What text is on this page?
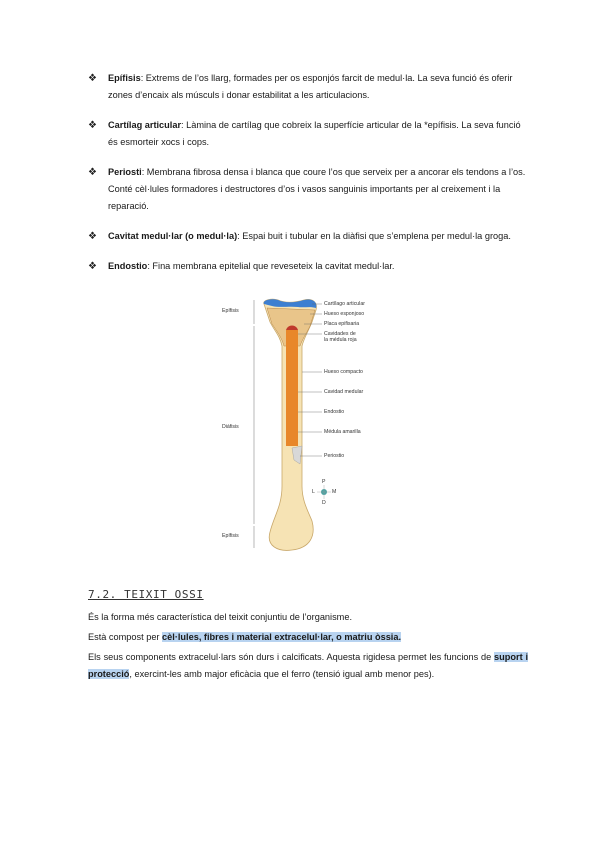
❖ Epífisis: Extrems de l’os llarg, formades per os esponjós farcit de medul·la. La seva funció és oferir zones d’encaix als músculs i donar estabilitat a les articulacions.
❖ Cartílag articular: Làmina de cartílag que cobreix la superfície articular de la *epífisis. La seva funció és esmorteir xocs i cops.
❖ Periosti: Membrana fibrosa densa i blanca que coure l’os que serveix per a ancorar els tendons a l’os. Conté cèl·lules formadores i destructores d’os i vasos sanguinis importants per al creixement i la reparació.
❖ Cavitat medul·lar (o medul·la): Espai buit i tubular en la diàfisi que s’emplena per medul·la groga.
❖ Endostio: Fina membrana epitelial que reveseteix la cavitat medul·lar.
Epífisis
Diáfisis
Epífisis
Cartílago articular
Hueso esponjoso
Placa epifisaria
Cavidades de
la médula roja
Hueso compacto
Cavidad medular
Endostio
Médula amarilla
Periostio
P
L	M
D
7.2. TEIXIT OSSI

És la forma més característica del teixit conjuntiu de l’organisme.

Està compost per cèl·lules, fibres i material extracelul·lar, o matriu òssia.

Els seus components extracelul·lars són durs i calcificats. Aquesta rigidesa permet les funcions de suport i protecció, exercint-les amb major eficàcia que el ferro (tensió igual amb menor pes).
